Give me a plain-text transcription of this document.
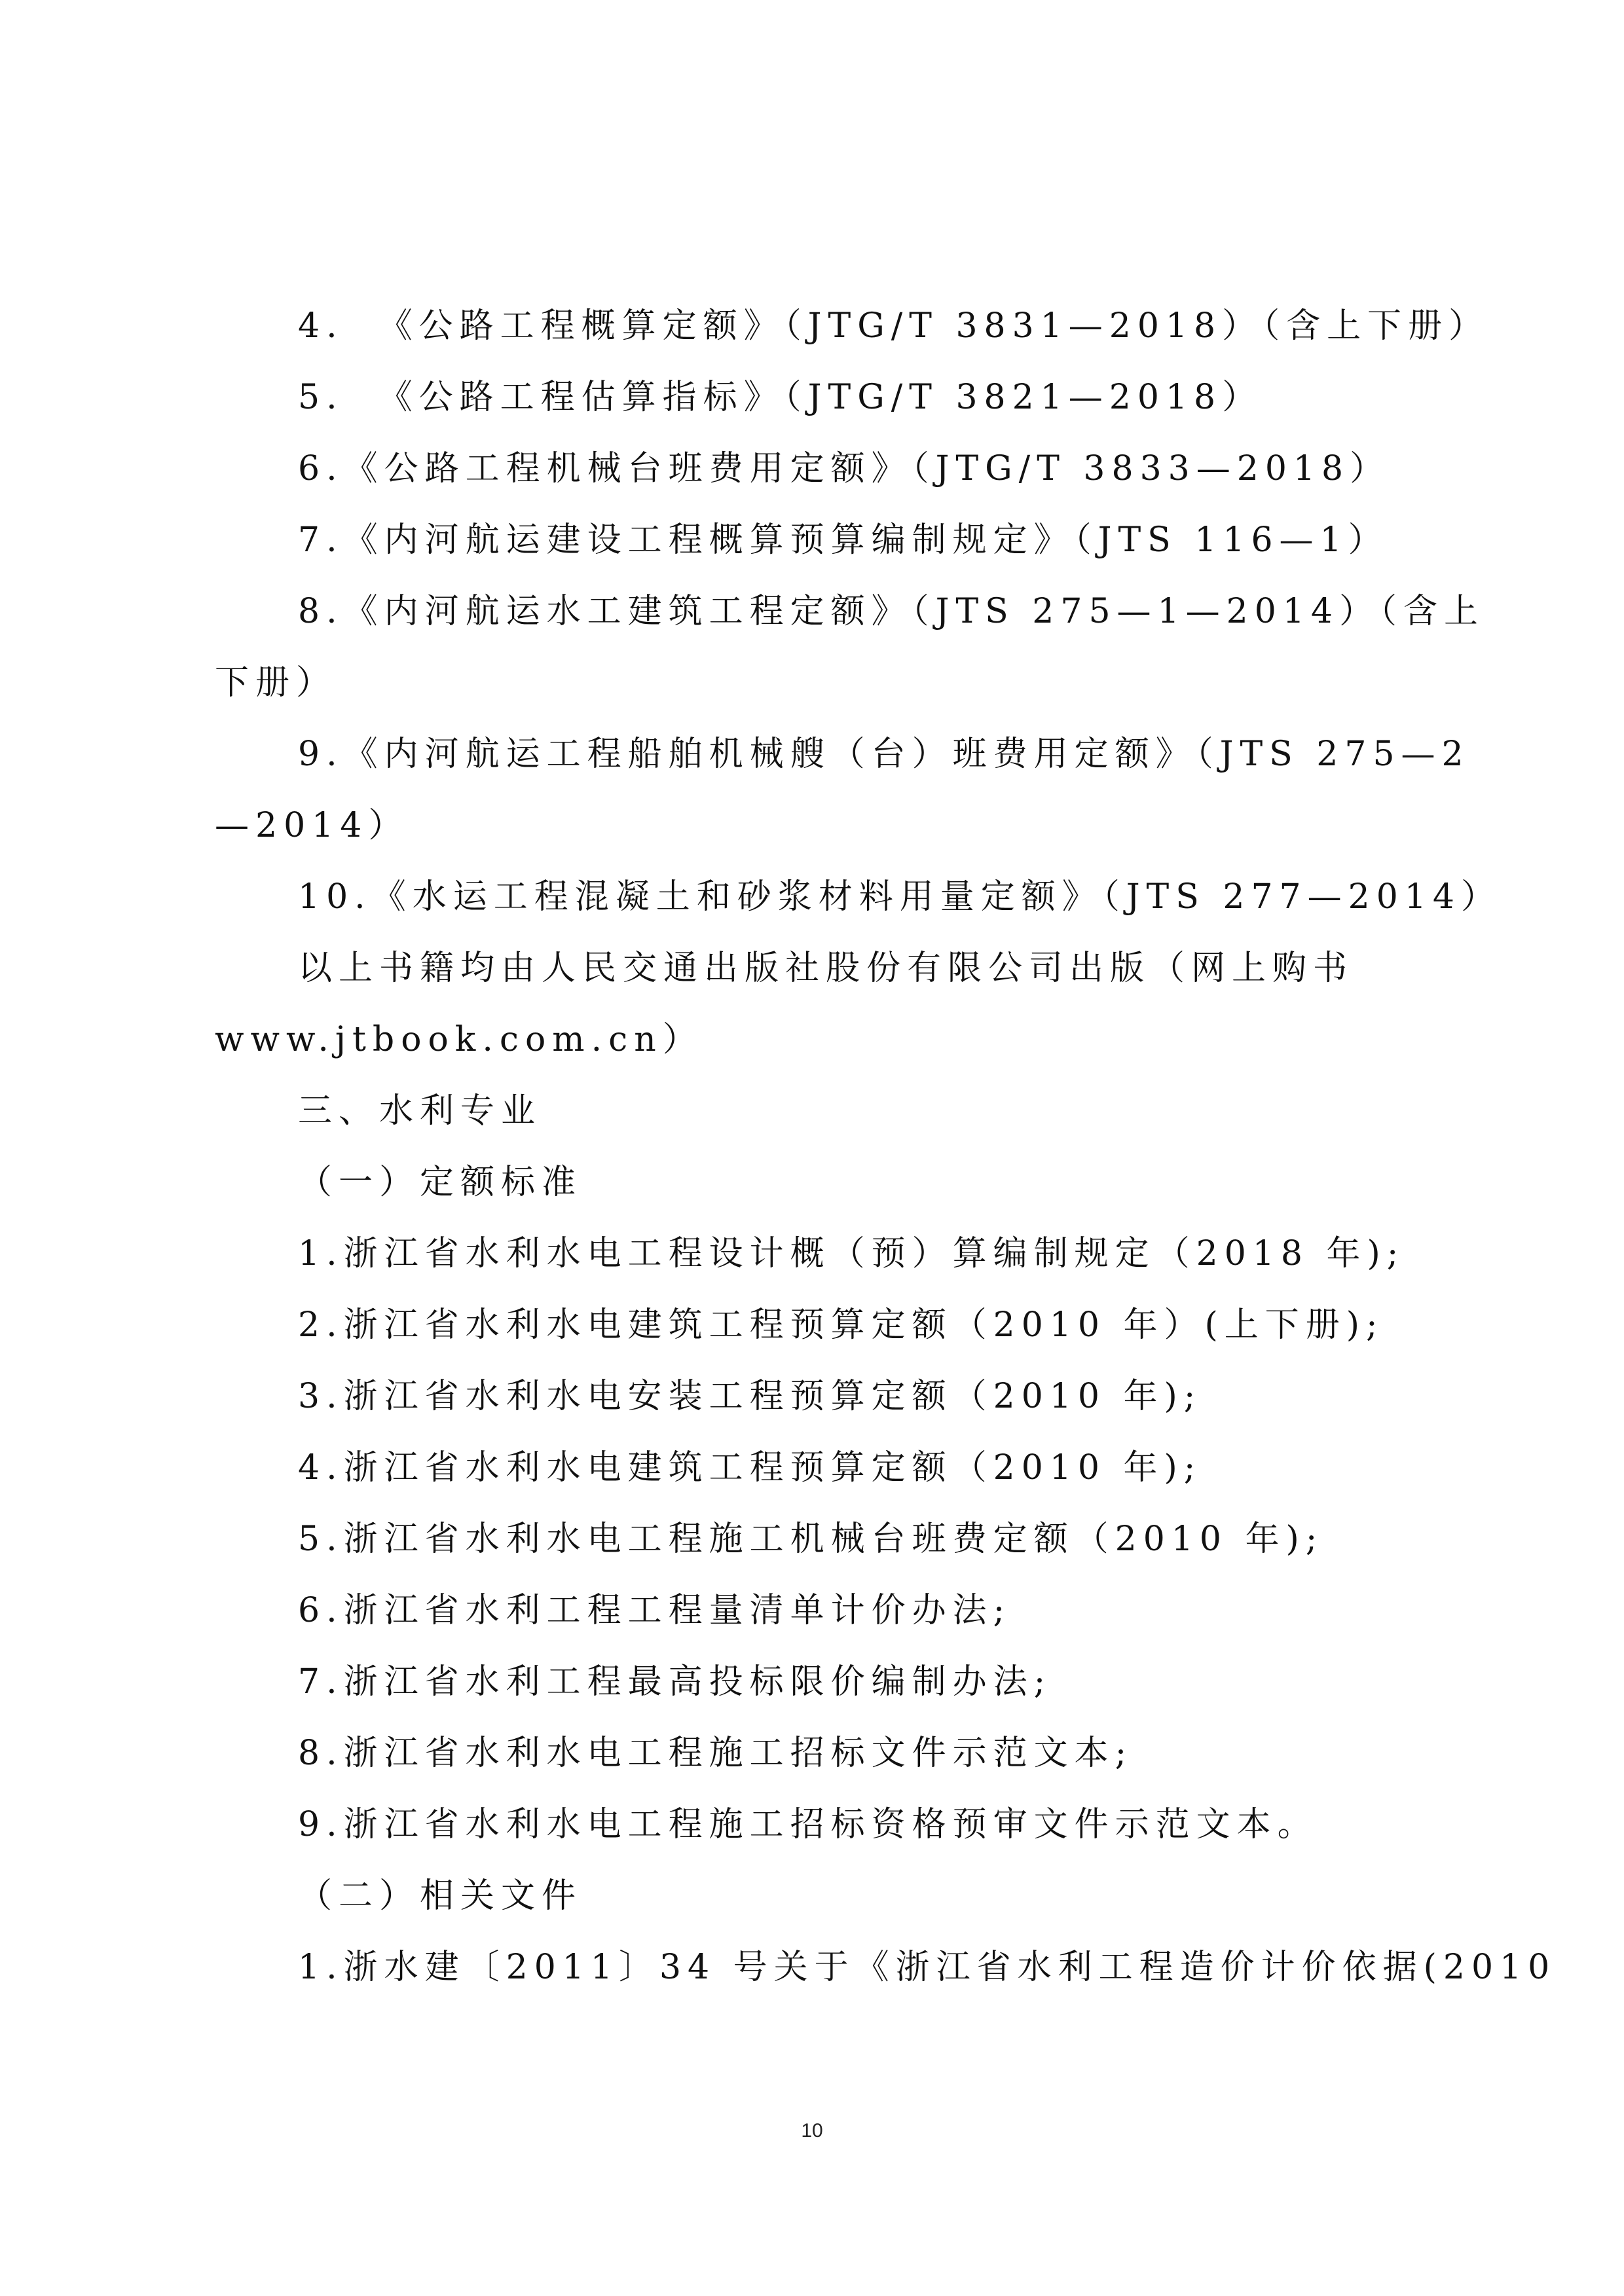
4.  《公路工程概算定额》（JTG/T 3831—2018）（含上下册）

5.  《公路工程估算指标》（JTG/T 3821—2018）

6.《公路工程机械台班费用定额》（JTG/T 3833—2018）

7.《内河航运建设工程概算预算编制规定》（JTS 116—1）

8.《内河航运水工建筑工程定额》（JTS 275—1—2014）（含上

下册）

9.《内河航运工程船舶机械艘（台）班费用定额》（JTS 275—2

—2014）

10.《水运工程混凝土和砂浆材料用量定额》（JTS 277—2014）

以上书籍均由人民交通出版社股份有限公司出版（网上购书

www.jtbook.com.cn）

三、水利专业
（一）定额标准

1.浙江省水利水电工程设计概（预）算编制规定（2018 年);

2.浙江省水利水电建筑工程预算定额（2010 年）(上下册);

3.浙江省水利水电安装工程预算定额（2010 年);

4.浙江省水利水电建筑工程预算定额（2010 年);

5.浙江省水利水电工程施工机械台班费定额（2010 年);

6.浙江省水利工程工程量清单计价办法;

7.浙江省水利工程最高投标限价编制办法;

8.浙江省水利水电工程施工招标文件示范文本;

9.浙江省水利水电工程施工招标资格预审文件示范文本。

（二）相关文件

1.浙水建〔2011〕34 号关于《浙江省水利工程造价计价依据(2010

10
